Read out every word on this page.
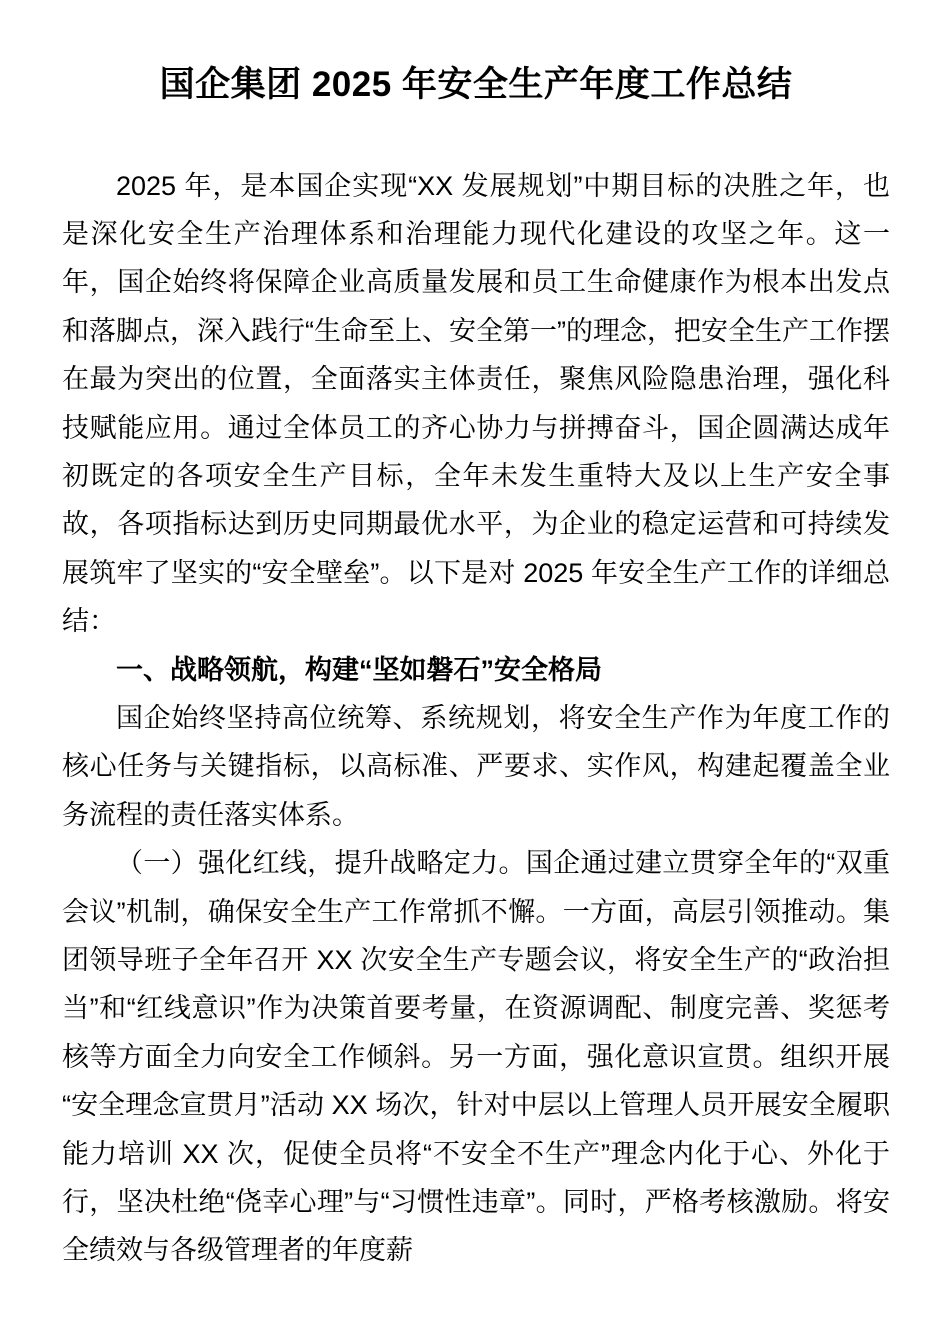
国企集团 2025 年安全生产年度工作总结

2025 年，是本国企实现“XX 发展规划”中期目标的决胜之年，也是深化安全生产治理体系和治理能力现代化建设的攻坚之年。这一年，国企始终将保障企业高质量发展和员工生命健康作为根本出发点和落脚点，深入践行“生命至上、安全第一”的理念，把安全生产工作摆在最为突出的位置，全面落实主体责任，聚焦风险隐患治理，强化科技赋能应用。通过全体员工的齐心协力与拼搏奋斗，国企圆满达成年初既定的各项安全生产目标，全年未发生重特大及以上生产安全事故，各项指标达到历史同期最优水平，为企业的稳定运营和可持续发展筑牢了坚实的“安全壁垒”。以下是对 2025 年安全生产工作的详细总结：

一、战略领航，构建“坚如磐石”安全格局

国企始终坚持高位统筹、系统规划，将安全生产作为年度工作的核心任务与关键指标，以高标准、严要求、实作风，构建起覆盖全业务流程的责任落实体系。

（一）强化红线，提升战略定力。国企通过建立贯穿全年的“双重会议”机制，确保安全生产工作常抓不懈。一方面，高层引领推动。集团领导班子全年召开 XX 次安全生产专题会议，将安全生产的“政治担当”和“红线意识”作为决策首要考量，在资源调配、制度完善、奖惩考核等方面全力向安全工作倾斜。另一方面，强化意识宣贯。组织开展“安全理念宣贯月”活动 XX 场次，针对中层以上管理人员开展安全履职能力培训 XX 次，促使全员将“不安全不生产”理念内化于心、外化于行，坚决杜绝“侥幸心理”与“习惯性违章”。同时，严格考核激励。将安全绩效与各级管理者的年度薪
